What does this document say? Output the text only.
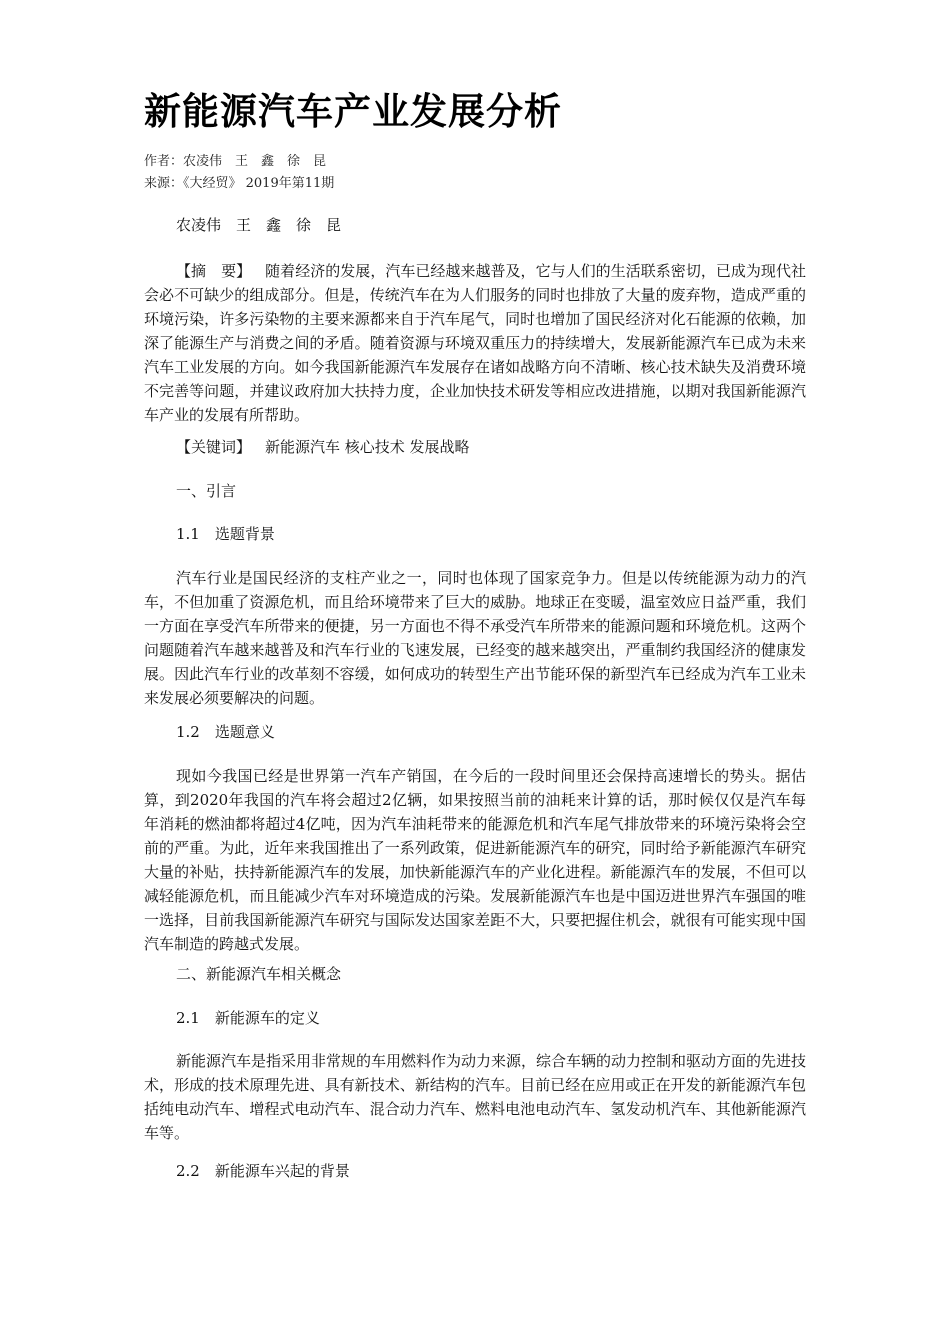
新能源汽车产业发展分析
作者：农凌伟　王　鑫　徐　昆
来源：《大经贸》 2019年第11期
农凌伟　王　鑫　徐　昆

【摘　要】 随着经济的发展，汽车已经越来越普及，它与人们的生活联系密切，已成为现代社会必不可缺少的组成部分。但是，传统汽车在为人们服务的同时也排放了大量的废弃物，造成严重的环境污染，许多污染物的主要来源都来自于汽车尾气，同时也增加了国民经济对化石能源的依赖，加深了能源生产与消费之间的矛盾。随着资源与环境双重压力的持续增大，发展新能源汽车已成为未来汽车工业发展的方向。如今我国新能源汽车发展存在诸如战略方向不清晰、核心技术缺失及消费环境不完善等问题，并建议政府加大扶持力度，企业加快技术研发等相应改进措施，以期对我国新能源汽车产业的发展有所帮助。

【关键词】 新能源汽车 核心技术 发展战略

一、引言

1.1　选题背景

汽车行业是国民经济的支柱产业之一，同时也体现了国家竞争力。但是以传统能源为动力的汽车，不但加重了资源危机，而且给环境带来了巨大的威胁。地球正在变暖，温室效应日益严重，我们一方面在享受汽车所带来的便捷，另一方面也不得不承受汽车所带来的能源问题和环境危机。这两个问题随着汽车越来越普及和汽车行业的飞速发展，已经变的越来越突出，严重制约我国经济的健康发展。因此汽车行业的改革刻不容缓，如何成功的转型生产出节能环保的新型汽车已经成为汽车工业未来发展必须要解决的问题。

1.2　选题意义

现如今我国已经是世界第一汽车产销国，在今后的一段时间里还会保持高速增长的势头。据估算，到2020年我国的汽车将会超过2亿辆，如果按照当前的油耗来计算的话，那时候仅仅是汽车每年消耗的燃油都将超过4亿吨，因为汽车油耗带来的能源危机和汽车尾气排放带来的环境污染将会空前的严重。为此，近年来我国推出了一系列政策，促进新能源汽车的研究，同时给予新能源汽车研究大量的补贴，扶持新能源汽车的发展，加快新能源汽车的产业化进程。新能源汽车的发展，不但可以减轻能源危机，而且能减少汽车对环境造成的污染。发展新能源汽车也是中国迈进世界汽车强国的唯一选择，目前我国新能源汽车研究与国际发达国家差距不大，只要把握住机会，就很有可能实现中国汽车制造的跨越式发展。

二、新能源汽车相关概念

2.1　新能源车的定义

新能源汽车是指采用非常规的车用燃料作为动力来源，综合车辆的动力控制和驱动方面的先进技术，形成的技术原理先进、具有新技术、新结构的汽车。目前已经在应用或正在开发的新能源汽车包括纯电动汽车、增程式电动汽车、混合动力汽车、燃料电池电动汽车、氢发动机汽车、其他新能源汽车等。

2.2　新能源车兴起的背景
